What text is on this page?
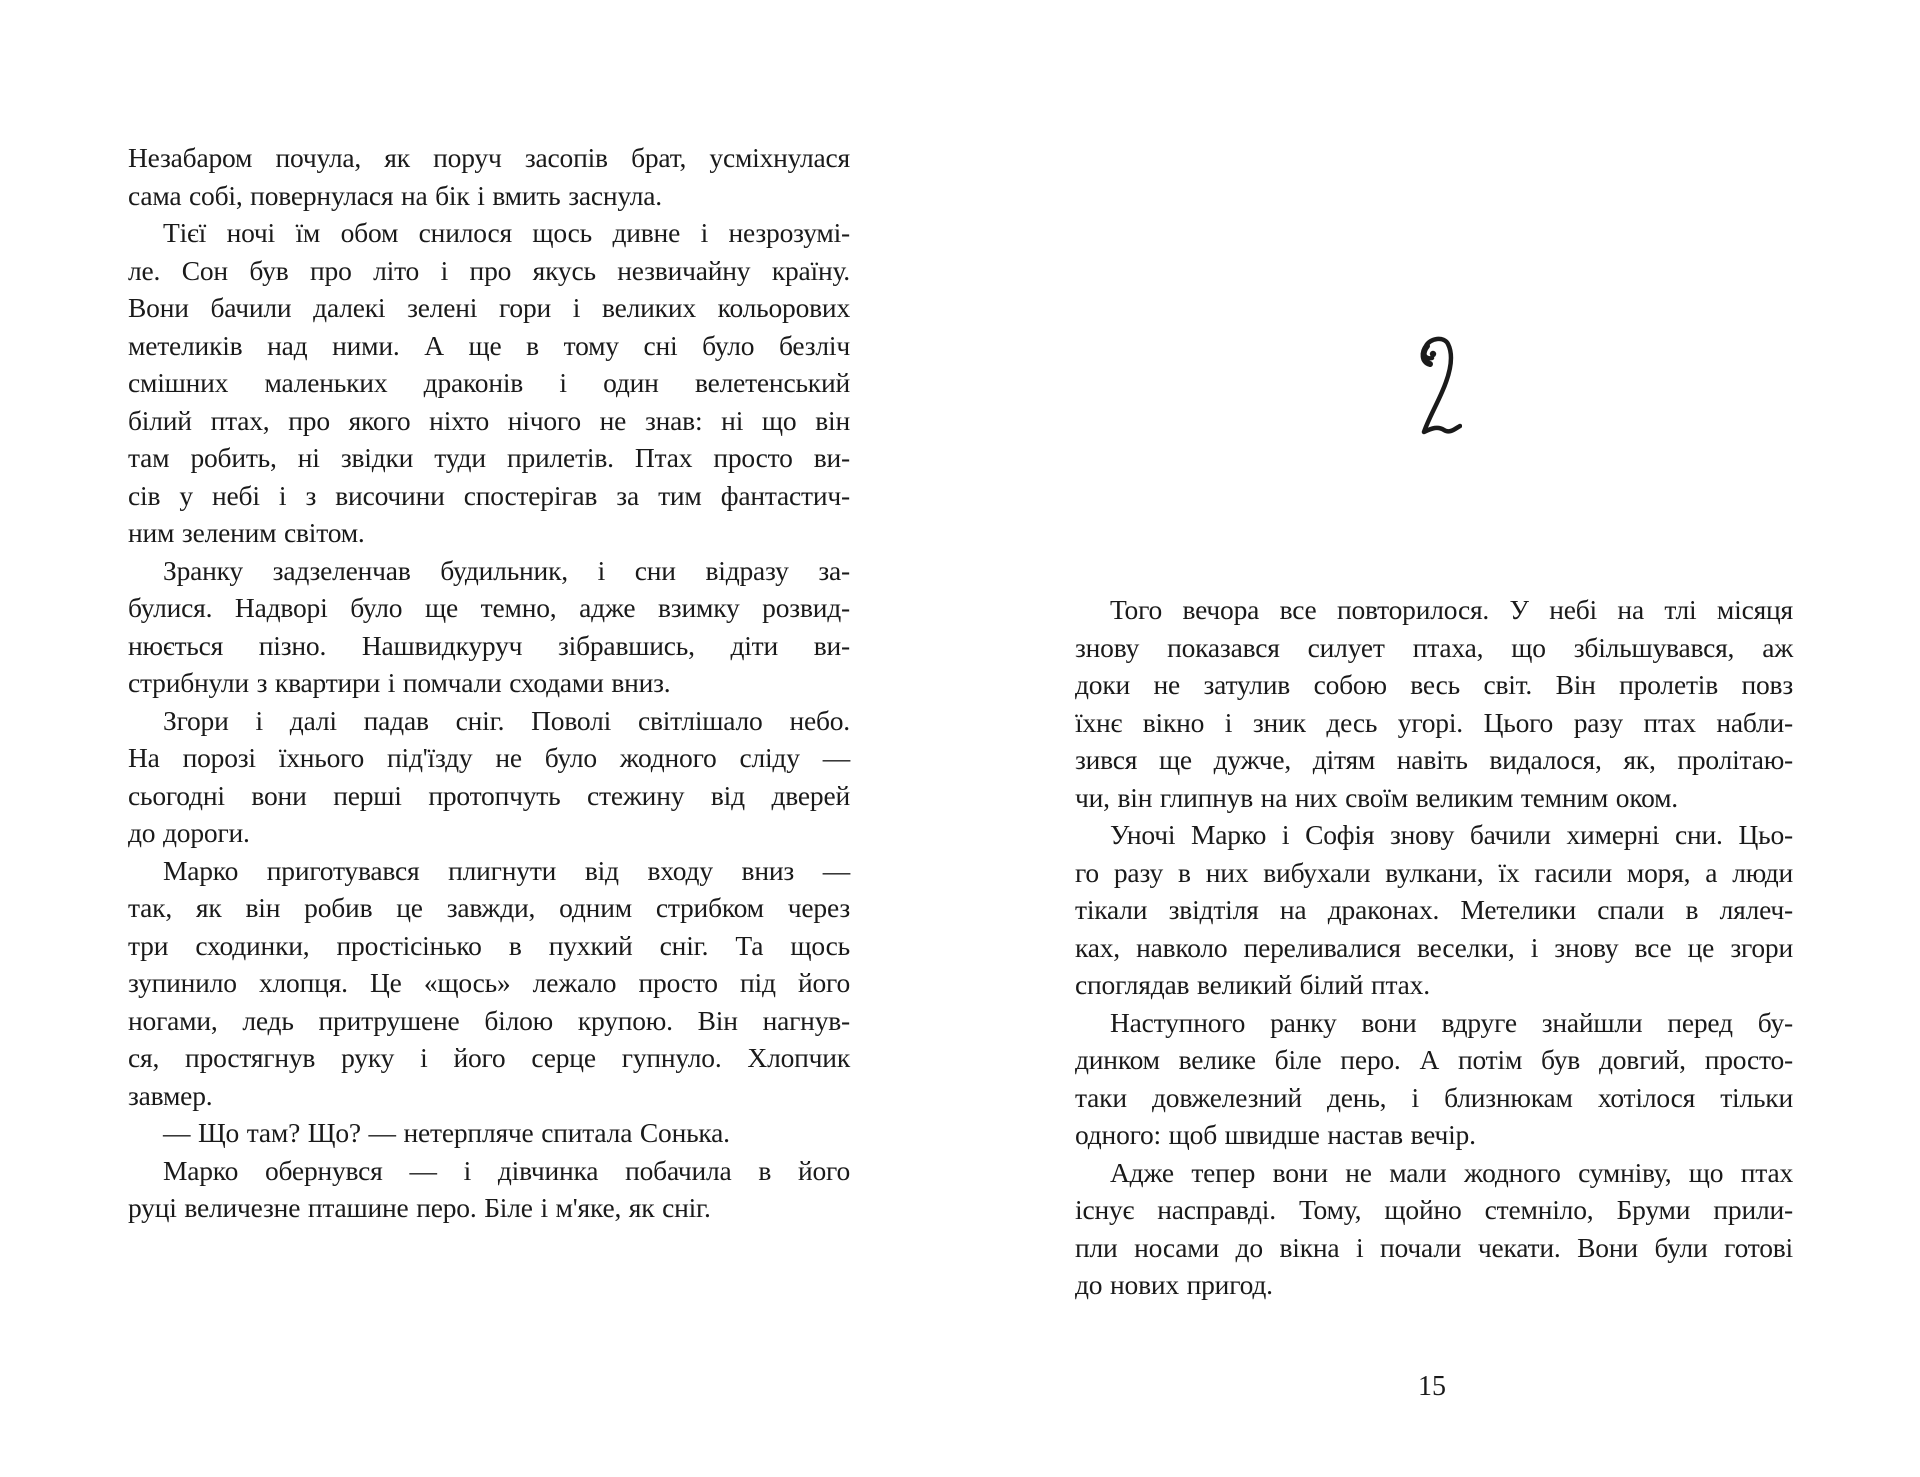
Незабаром почула, як поруч засопів брат, усміхнулася
сама собі, повернулася на бік і вмить заснула.
Тієї ночі їм обом снилося щось дивне і незрозумі-
ле. Сон був про літо і про якусь незвичайну країну.
Вони бачили далекі зелені гори і великих кольорових
метеликів над ними. А ще в тому сні було безліч
смішних маленьких драконів і один велетенський
білий птах, про якого ніхто нічого не знав: ні що він
там робить, ні звідки туди прилетів. Птах просто ви-
сів у небі і з височини спостерігав за тим фантастич-
ним зеленим світом.
Зранку задзеленчав будильник, і сни відразу за-
булися. Надворі було ще темно, адже взимку розвид-
нюється пізно. Нашвидкуруч зібравшись, діти ви-
стрибнули з квартири і помчали сходами вниз.
Згори і далі падав сніг. Поволі світлішало небо.
На порозі їхнього під'їзду не було жодного сліду —
сьогодні вони перші протопчуть стежину від дверей
до дороги.
Марко приготувався плигнути від входу вниз —
так, як він робив це завжди, одним стрибком через
три сходинки, простісінько в пухкий сніг. Та щось
зупинило хлопця. Це «щось» лежало просто під його
ногами, ледь притрушене білою крупою. Він нагнув-
ся, простягнув руку і його серце гупнуло. Хлопчик
завмер.
— Що там? Що? — нетерпляче спитала Сонька.
Марко обернувся — і дівчинка побачила в його
руці величезне пташине перо. Біле і м'яке, як сніг.
Того вечора все повторилося. У небі на тлі місяця
знову показався силует птаха, що збільшувався, аж
доки не затулив собою весь світ. Він пролетів повз
їхнє вікно і зник десь угорі. Цього разу птах набли-
зився ще дужче, дітям навіть видалося, як, пролітаю-
чи, він глипнув на них своїм великим темним оком.
Уночі Марко і Софія знову бачили химерні сни. Цьо-
го разу в них вибухали вулкани, їх гасили моря, а люди
тікали звідтіля на драконах. Метелики спали в лялеч-
ках, навколо переливалися веселки, і знову все це згори
споглядав великий білий птах.
Наступного ранку вони вдруге знайшли перед бу-
динком велике біле перо. А потім був довгий, просто-
таки довжелезний день, і близнюкам хотілося тільки
одного: щоб швидше настав вечір.
Адже тепер вони не мали жодного сумніву, що птах
існує насправді. Тому, щойно стемніло, Бруми прили-
пли носами до вікна і почали чекати. Вони були готові
до нових пригод.
15
